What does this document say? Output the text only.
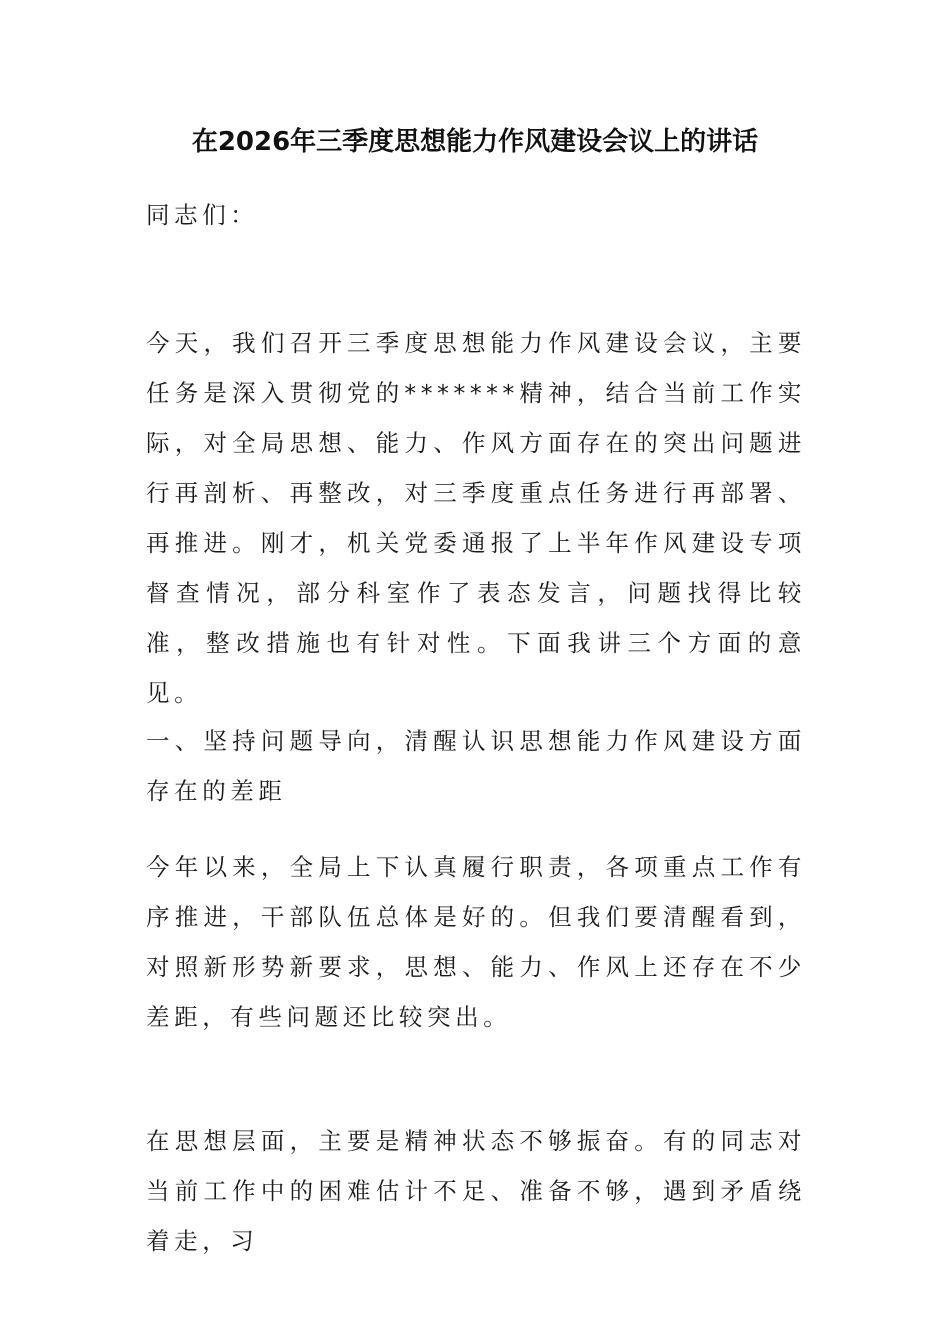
在2026年三季度思想能力作风建设会议上的讲话

同志们：

今天，我们召开三季度思想能力作风建设会议，主要任务是深入贯彻党的*******精神，结合当前工作实际，对全局思想、能力、作风方面存在的突出问题进行再剖析、再整改，对三季度重点任务进行再部署、再推进。刚才，机关党委通报了上半年作风建设专项督查情况，部分科室作了表态发言，问题找得比较准，整改措施也有针对性。下面我讲三个方面的意见。

一、坚持问题导向，清醒认识思想能力作风建设方面存在的差距

今年以来，全局上下认真履行职责，各项重点工作有序推进，干部队伍总体是好的。但我们要清醒看到，对照新形势新要求，思想、能力、作风上还存在不少差距，有些问题还比较突出。

在思想层面，主要是精神状态不够振奋。有的同志对当前工作中的困难估计不足、准备不够，遇到矛盾绕着走，习
